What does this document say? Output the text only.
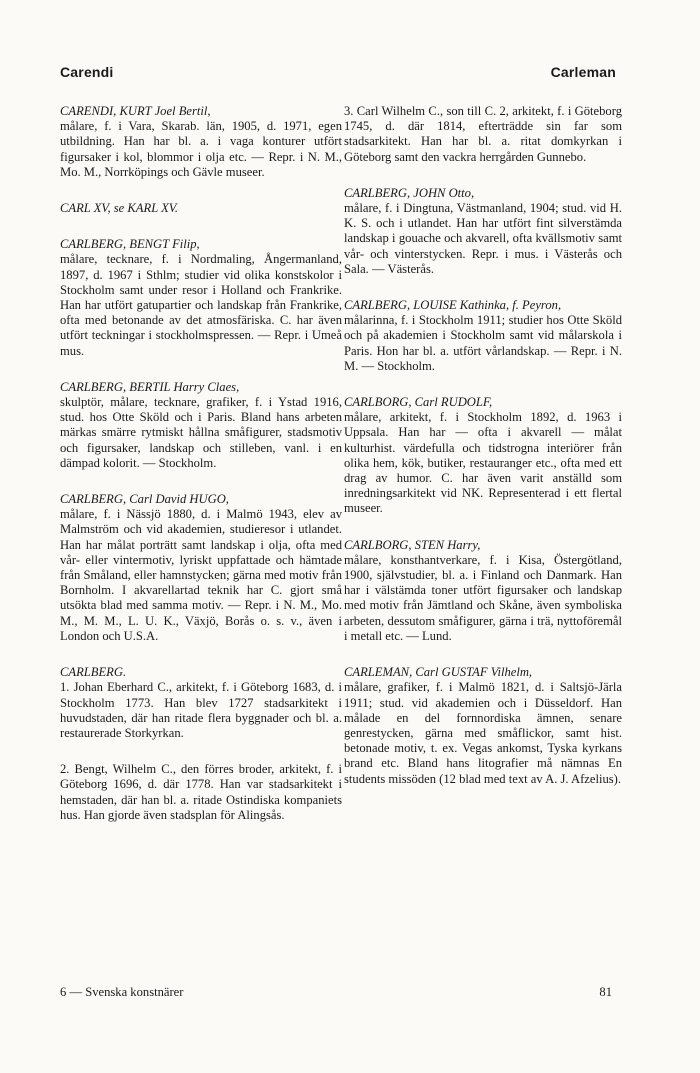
Carendi	Carleman
CARENDI, KURT Joel Bertil,
målare, f. i Vara, Skarab. län, 1905, d. 1971, egen utbildning. Han har bl. a. i vaga konturer utfört figursaker i kol, blommor i olja etc. — Repr. i N. M., Mo. M., Norrköpings och Gävle museer.
CARL XV, se KARL XV.
CARLBERG, BENGT Filip,
målare, tecknare, f. i Nordmaling, Ångermanland, 1897, d. 1967 i Sthlm; studier vid olika konstskolor i Stockholm samt under resor i Holland och Frankrike. Han har utfört gatupartier och landskap från Frankrike, ofta med betonande av det atmosfäriska. C. har även utfört teckningar i stockholmspressen. — Repr. i Umeå mus.
CARLBERG, BERTIL Harry Claes,
skulptör, målare, tecknare, grafiker, f. i Ystad 1916, stud. hos Otte Sköld och i Paris. Bland hans arbeten märkas smärre rytmiskt hållna småfigurer, stadsmotiv och figursaker, landskap och stilleben, vanl. i en dämpad kolorit. — Stockholm.
CARLBERG, Carl David HUGO,
målare, f. i Nässjö 1880, d. i Malmö 1943, elev av Malmström och vid akademien, studieresor i utlandet. Han har målat porträtt samt landskap i olja, ofta med vår- eller vintermotiv, lyriskt uppfattade och hämtade från Småland, eller hamnstycken; gärna med motiv från Bornholm. I akvarellartad teknik har C. gjort små utsökta blad med samma motiv. — Repr. i N. M., Mo. M., M. M., L. U. K., Växjö, Borås o. s. v., även i London och U.S.A.
CARLBERG.
1. Johan Eberhard C., arkitekt, f. i Göteborg 1683, d. i Stockholm 1773. Han blev 1727 stadsarkitekt i huvudstaden, där han ritade flera byggnader och bl. a. restaurerade Storkyrkan.
2. Bengt, Wilhelm C., den förres broder, arkitekt, f. i Göteborg 1696, d. där 1778. Han var stadsarkitekt i hemstaden, där han bl. a. ritade Ostindiska kompaniets hus. Han gjorde även stadsplan för Alingsås.
3. Carl Wilhelm C., son till C. 2, arkitekt, f. i Göteborg 1745, d. där 1814, efterträdde sin far som stadsarkitekt. Han har bl. a. ritat domkyrkan i Göteborg samt den vackra herrgården Gunnebo.
CARLBERG, JOHN Otto,
målare, f. i Dingtuna, Västmanland, 1904; stud. vid H. K. S. och i utlandet. Han har utfört fint silverstämda landskap i gouache och akvarell, ofta kvällsmotiv samt vår- och vinterstycken. Repr. i mus. i Västerås och Sala. — Västerås.
CARLBERG, LOUISE Kathinka, f. Peyron,
målarinna, f. i Stockholm 1911; studier hos Otte Sköld och på akademien i Stockholm samt vid målarskola i Paris. Hon har bl. a. utfört vårlandskap. — Repr. i N. M. — Stockholm.
CARLBORG, Carl RUDOLF,
målare, arkitekt, f. i Stockholm 1892, d. 1963 i Uppsala. Han har — ofta i akvarell — målat kulturhist. värdefulla och tidstrogna interiörer från olika hem, kök, butiker, restauranger etc., ofta med ett drag av humor. C. har även varit anställd som inredningsarkitekt vid NK. Representerad i ett flertal museer.
CARLBORG, STEN Harry,
målare, konsthantverkare, f. i Kisa, Östergötland, 1900, självstudier, bl. a. i Finland och Danmark. Han har i välstämda toner utfört figursaker och landskap med motiv från Jämtland och Skåne, även symboliska arbeten, dessutom småfigurer, gärna i trä, nyttoföremål i metall etc. — Lund.
CARLEMAN, Carl GUSTAF Vilhelm,
målare, grafiker, f. i Malmö 1821, d. i Saltsjö-Järla 1911; stud. vid akademien och i Düsseldorf. Han målade en del fornnordiska ämnen, senare genrestycken, gärna med småflickor, samt hist. betonade motiv, t. ex. Vegas ankomst, Tyska kyrkans brand etc. Bland hans litografier må nämnas En students missöden (12 blad med text av A. J. Afzelius).
6 — Svenska konstnärer	81
